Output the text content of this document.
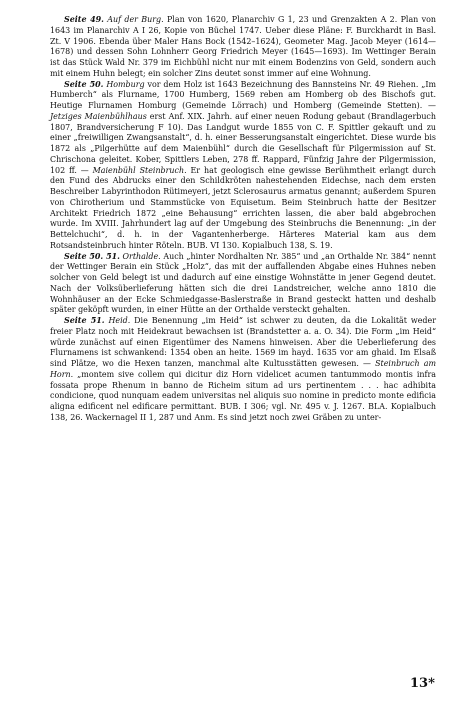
Seite 49. Auf der Burg. Plan von 1620, Planarchiv G 1, 23 und Grenzakten A 2. Plan von 1643 im Planarchiv A I 26, Kopie von Büchel 1747. Ueber diese Pläne: F. Burckhardt in Basl. Zt. V 1906. Ebenda über Maler Hans Bock (1542–1624), Geometer Mag. Jacob Meyer (1614—1678) und dessen Sohn Lohnherr Georg Friedrich Meyer (1645—1693). Im Wettinger Berain ist das Stück Wald Nr. 379 im Eichbühl nicht nur mit einem Bodenzins von Geld, sondern auch mit einem Huhn belegt; ein solcher Zins deutet sonst immer auf eine Wohnung.

Seite 50. Homburg vor dem Holz ist 1643 Bezeichnung des Bannsteins Nr. 49 Riehen. „Im Humberch“ als Flurname, 1700 Humberg, 1569 reben am Homberg ob des Bischofs gut. Heutige Flurnamen Homburg (Gemeinde Lörrach) und Homberg (Gemeinde Stetten). — Jetziges Maienbühlhaus erst Anf. XIX. Jahrh. auf einer neuen Rodung gebaut (Brandlagerbuch 1807, Brandversicherung F 10). Das Landgut wurde 1855 von C. F. Spittler gekauft und zu einer „freiwilligen Zwangsanstalt“, d. h. einer Besserungsanstalt eingerichtet. Diese wurde bis 1872 als „Pilgerhütte auf dem Maienbühl“ durch die Gesellschaft für Pilgermission auf St. Chrischona geleitet. Kober, Spittlers Leben, 278 ff. Rappard, Fünfzig Jahre der Pilgermission, 102 ff. — Maienbühl Steinbruch. Er hat geologisch eine gewisse Berühmtheit erlangt durch den Fund des Abdrucks einer den Schildkröten nahestehenden Eidechse, nach dem ersten Beschreiber Labyrinthodon Rütimeyeri, jetzt Sclerosaurus armatus genannt; außerdem Spuren von Chirotherium und Stammstücke von Equisetum. Beim Steinbruch hatte der Besitzer Architekt Friedrich 1872 „eine Behausung“ errichten lassen, die aber bald abgebrochen wurde. Im XVIII. Jahrhundert lag auf der Umgebung des Steinbruchs die Benennung: „in der Bettelchuchi“, d. h. in der Vagantenherberge. Härteres Material kam aus dem Rotsandsteinbruch hinter Röteln. BUB. VI 130. Kopialbuch 138, S. 19.

Seite 50. 51. Orthalde. Auch „hinter Nordhalten Nr. 385“ und „an Orthalde Nr. 384“ nennt der Wettinger Berain ein Stück „Holz“, das mit der auffallenden Abgabe eines Huhnes neben solcher von Geld belegt ist und dadurch auf eine einstige Wohnstätte in jener Gegend deutet. Nach der Volksüberlieferung hätten sich die drei Landstreicher, welche anno 1810 die Wohnhäuser an der Ecke Schmiedgasse-Baslerstraße in Brand gesteckt hatten und deshalb später geköpft wurden, in einer Hütte an der Orthalde versteckt gehalten.

Seite 51. Heid. Die Benennung „im Heid“ ist schwer zu deuten, da die Lokalität weder freier Platz noch mit Heidekraut bewachsen ist (Brandstetter a. a. O. 34). Die Form „im Heid“ würde zunächst auf einen Eigentümer des Namens hinweisen. Aber die Ueberlieferung des Flurnamens ist schwankend: 1354 oben an heite. 1569 im hayd. 1635 vor am ghaid. Im Elsaß sind Plätze, wo die Hexen tanzen, manchmal alte Kultusstätten gewesen. — Steinbruch am Horn. „montem sive collem qui dicitur diz Horn videlicet acumen tantummodo montis infra fossata prope Rhenum in banno de Richeim situm ad urs pertinentem . . . hac adhibita condicione, quod nunquam eadem universitas nel aliquis suo nomine in predicto monte edificia aligna edificent nel edificare permittant. BUB. I 306; vgl. Nr. 495 v. J. 1267. BLA. Kopialbuch 138, 26. Wackernagel II 1, 287 und Anm. Es sind jetzt noch zwei Gräben zu unter-

13*
